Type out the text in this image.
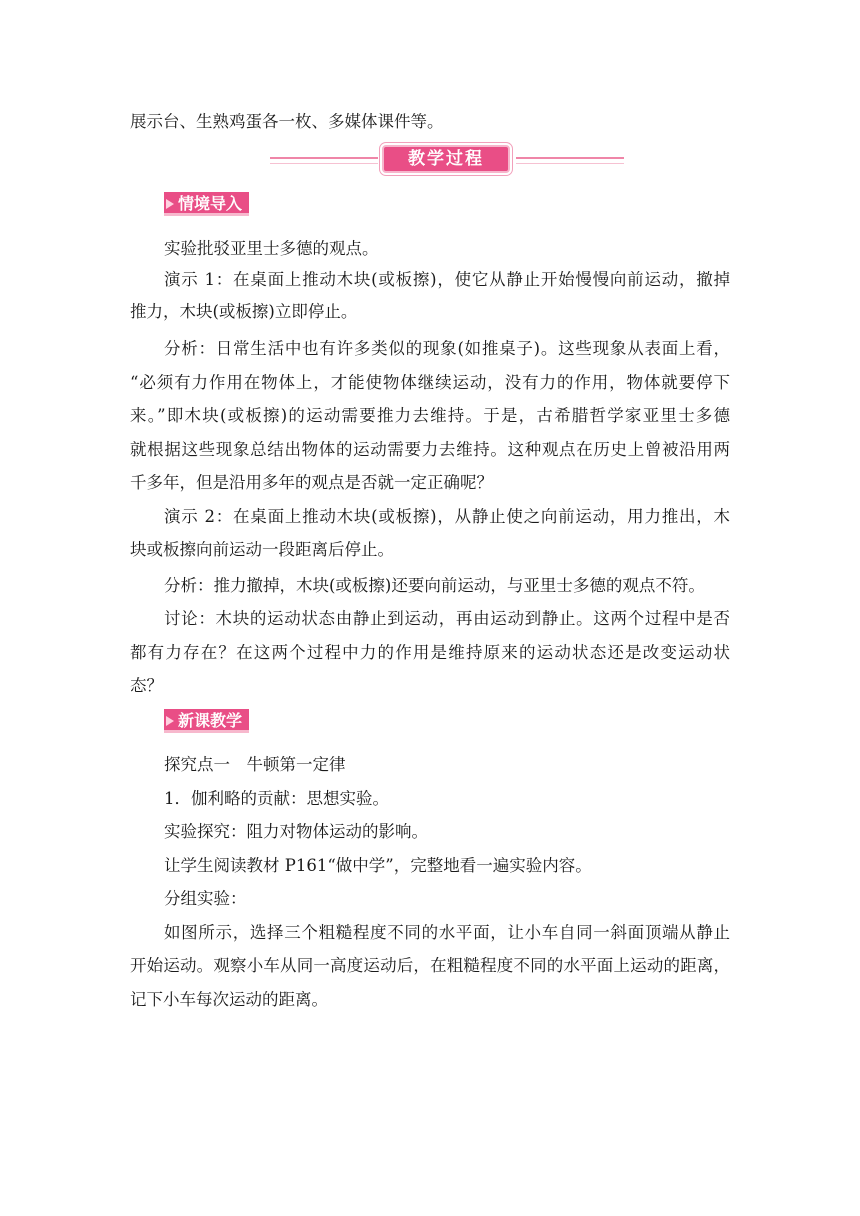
展示台、生熟鸡蛋各一枚、多媒体课件等。
教学过程
情境导入
实验批驳亚里士多德的观点。
演示 1：在桌面上推动木块(或板擦)，使它从静止开始慢慢向前运动，撤掉
推力，木块(或板擦)立即停止。
分析：日常生活中也有许多类似的现象(如推桌子)。这些现象从表面上看，
“必须有力作用在物体上，才能使物体继续运动，没有力的作用，物体就要停下
来。”即木块(或板擦)的运动需要推力去维持。于是，古希腊哲学家亚里士多德
就根据这些现象总结出物体的运动需要力去维持。这种观点在历史上曾被沿用两
千多年，但是沿用多年的观点是否就一定正确呢？
演示 2：在桌面上推动木块(或板擦)，从静止使之向前运动，用力推出，木
块或板擦向前运动一段距离后停止。
分析：推力撤掉，木块(或板擦)还要向前运动，与亚里士多德的观点不符。
讨论：木块的运动状态由静止到运动，再由运动到静止。这两个过程中是否
都有力存在？在这两个过程中力的作用是维持原来的运动状态还是改变运动状
态？
新课教学
探究点一　牛顿第一定律
1．伽利略的贡献：思想实验。
实验探究：阻力对物体运动的影响。
让学生阅读教材 P161“做中学”，完整地看一遍实验内容。
分组实验：
如图所示，选择三个粗糙程度不同的水平面，让小车自同一斜面顶端从静止
开始运动。观察小车从同一高度运动后，在粗糙程度不同的水平面上运动的距离，
记下小车每次运动的距离。
